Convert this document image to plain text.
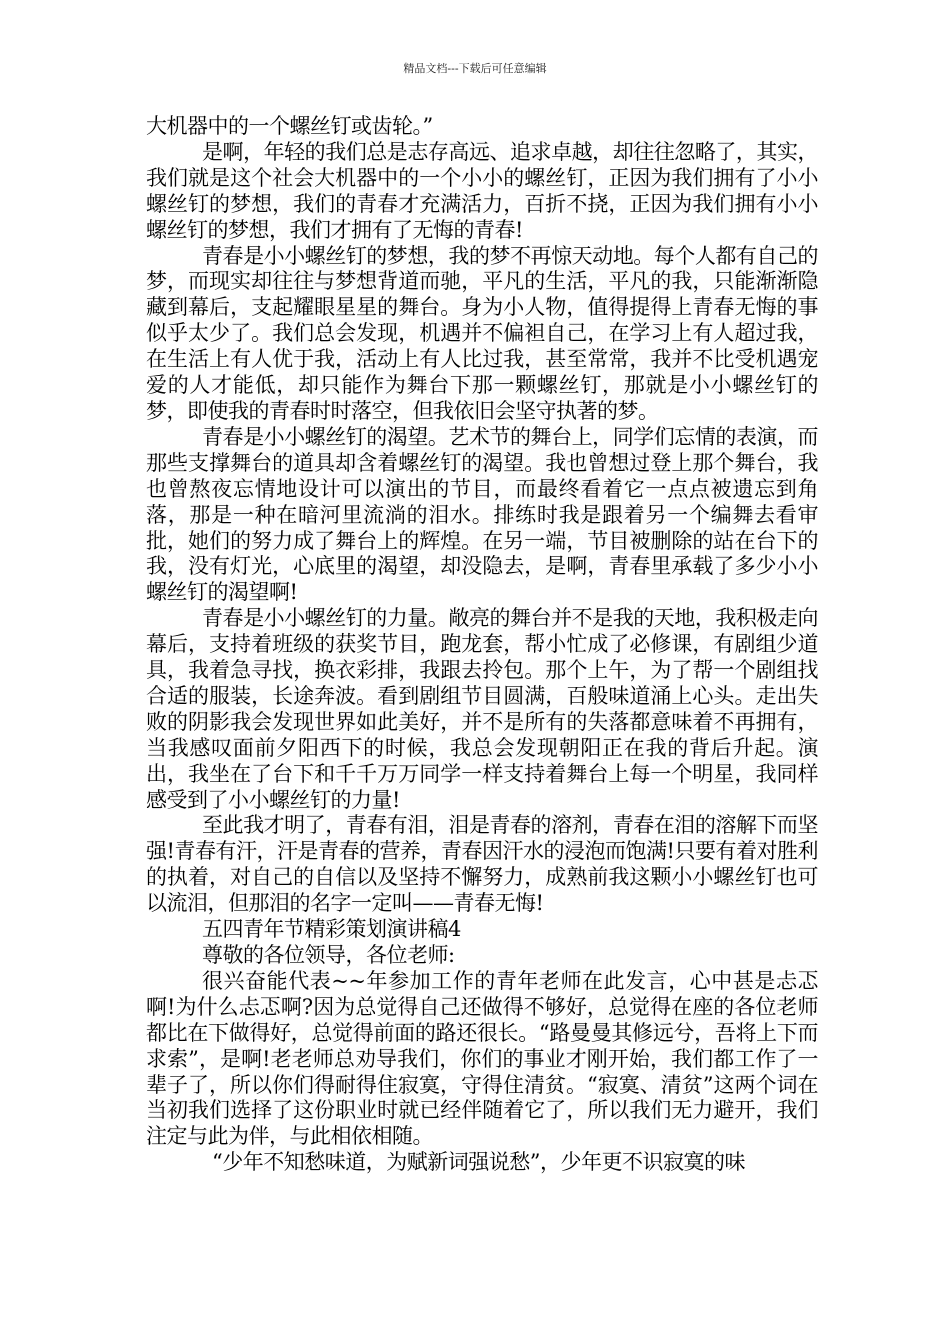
精品文档---下载后可任意编辑

大机器中的一个螺丝钉或齿轮。”

是啊，年轻的我们总是志存高远、追求卓越，却往往忽略了，其实，我们就是这个社会大机器中的一个小小的螺丝钉，正因为我们拥有了小小螺丝钉的梦想，我们的青春才充满活力，百折不挠，正因为我们拥有小小螺丝钉的梦想，我们才拥有了无悔的青春!

青春是小小螺丝钉的梦想，我的梦不再惊天动地。每个人都有自己的梦，而现实却往往与梦想背道而驰，平凡的生活，平凡的我，只能渐渐隐藏到幕后，支起耀眼星星的舞台。身为小人物，值得提得上青春无悔的事似乎太少了。我们总会发现，机遇并不偏袒自己，在学习上有人超过我，在生活上有人优于我，活动上有人比过我，甚至常常，我并不比受机遇宠爱的人才能低，却只能作为舞台下那一颗螺丝钉，那就是小小螺丝钉的梦，即使我的青春时时落空，但我依旧会坚守执著的梦。

青春是小小螺丝钉的渴望。艺术节的舞台上，同学们忘情的表演，而那些支撑舞台的道具却含着螺丝钉的渴望。我也曾想过登上那个舞台，我也曾熬夜忘情地设计可以演出的节目，而最终看着它一点点被遗忘到角落，那是一种在暗河里流淌的泪水。排练时我是跟着另一个编舞去看审批，她们的努力成了舞台上的辉煌。在另一端，节目被删除的站在台下的我，没有灯光，心底里的渴望，却没隐去，是啊，青春里承载了多少小小螺丝钉的渴望啊!

青春是小小螺丝钉的力量。敞亮的舞台并不是我的天地，我积极走向幕后，支持着班级的获奖节目，跑龙套，帮小忙成了必修课，有剧组少道具，我着急寻找，换衣彩排，我跟去拎包。那个上午，为了帮一个剧组找合适的服装，长途奔波。看到剧组节目圆满，百般味道涌上心头。走出失败的阴影我会发现世界如此美好，并不是所有的失落都意味着不再拥有，当我感叹面前夕阳西下的时候，我总会发现朝阳正在我的背后升起。演出，我坐在了台下和千千万万同学一样支持着舞台上每一个明星，我同样感受到了小小螺丝钉的力量!

至此我才明了，青春有泪，泪是青春的溶剂，青春在泪的溶解下而坚强!青春有汗，汗是青春的营养，青春因汗水的浸泡而饱满!只要有着对胜利的执着，对自己的自信以及坚持不懈努力，成熟前我这颗小小螺丝钉也可以流泪，但那泪的名字一定叫——青春无悔!

五四青年节精彩策划演讲稿4

尊敬的各位领导，各位老师:

很兴奋能代表~~年参加工作的青年老师在此发言，心中甚是忐忑啊!为什么忐忑啊?因为总觉得自己还做得不够好，总觉得在座的各位老师都比在下做得好，总觉得前面的路还很长。“路曼曼其修远兮，吾将上下而求索”，是啊!老老师总劝导我们，你们的事业才刚开始，我们都工作了一辈子了，所以你们得耐得住寂寞，守得住清贫。“寂寞、清贫”这两个词在当初我们选择了这份职业时就已经伴随着它了，所以我们无力避开，我们注定与此为伴，与此相依相随。

“少年不知愁味道，为赋新词强说愁”，少年更不识寂寞的味
